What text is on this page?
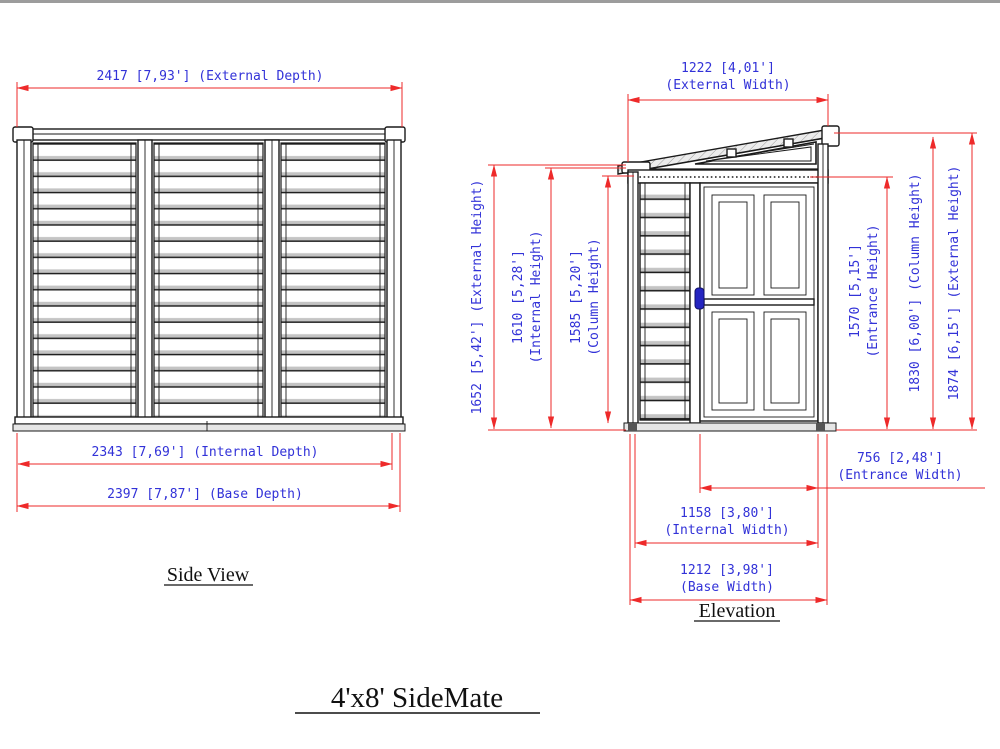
2417 [7,93'] (External Depth)
2343 [7,69'] (Internal Depth)
2397 [7,87'] (Base Depth)
Side View
1222 [4,01']
(External Width)
1652 [5,42'] (External Height) 1610 [5,28'] (Internal Height) 1585 [5,20'] (Column Height)	1570 [5,15'] (Entrance Height) 1830 [6,00'] (Column Height) 1874 [6,15'] (External Height)
756 [2,48']
(Entrance Width)
1158 [3,80']
(Internal Width)
1212 [3,98']
(Base Width)
Elevation
4'x8' SideMate
